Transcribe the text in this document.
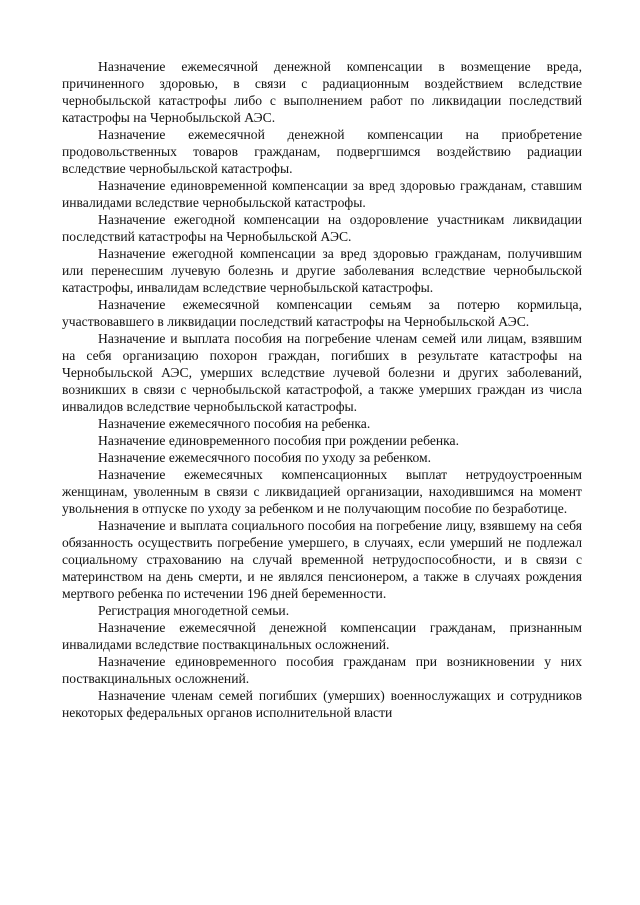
Назначение ежемесячной денежной компенсации в возмещение вреда, причиненного здоровью, в связи с радиационным воздействием вследствие чернобыльской катастрофы либо с выполнением работ по ликвидации последствий катастрофы на Чернобыльской АЭС.

Назначение ежемесячной денежной компенсации на приобретение продовольственных товаров гражданам, подвергшимся воздействию радиации вследствие чернобыльской катастрофы.

Назначение единовременной компенсации за вред здоровью гражданам, ставшим инвалидами вследствие чернобыльской катастрофы.

Назначение ежегодной компенсации на оздоровление участникам ликвидации последствий катастрофы на Чернобыльской АЭС.

Назначение ежегодной компенсации за вред здоровью гражданам, получившим или перенесшим лучевую болезнь и другие заболевания вследствие чернобыльской катастрофы, инвалидам вследствие чернобыльской катастрофы.

Назначение ежемесячной компенсации семьям за потерю кормильца, участвовавшего в ликвидации последствий катастрофы на Чернобыльской АЭС.

Назначение и выплата пособия на погребение членам семей или лицам, взявшим на себя организацию похорон граждан, погибших в результате катастрофы на Чернобыльской АЭС, умерших вследствие лучевой болезни и других заболеваний, возникших в связи с чернобыльской катастрофой, а также умерших граждан из числа инвалидов вследствие чернобыльской катастрофы.

Назначение ежемесячного пособия на ребенка.

Назначение единовременного пособия при рождении ребенка.

Назначение ежемесячного пособия по уходу за ребенком.

Назначение ежемесячных компенсационных выплат нетрудоустроенным женщинам, уволенным в связи с ликвидацией организации, находившимся на момент увольнения в отпуске по уходу за ребенком и не получающим пособие по безработице.

Назначение и выплата социального пособия на погребение лицу, взявшему на себя обязанность осуществить погребение умершего, в случаях, если умерший не подлежал социальному страхованию на случай временной нетрудоспособности, и в связи с материнством на день смерти, и не являлся пенсионером, а также в случаях рождения мертвого ребенка по истечении 196 дней беременности.

Регистрация многодетной семьи.

Назначение ежемесячной денежной компенсации гражданам, признанным инвалидами вследствие поствакцинальных осложнений.

Назначение единовременного пособия гражданам при возникновении у них поствакцинальных осложнений.

Назначение членам семей погибших (умерших) военнослужащих и сотрудников некоторых федеральных органов исполнительной власти
